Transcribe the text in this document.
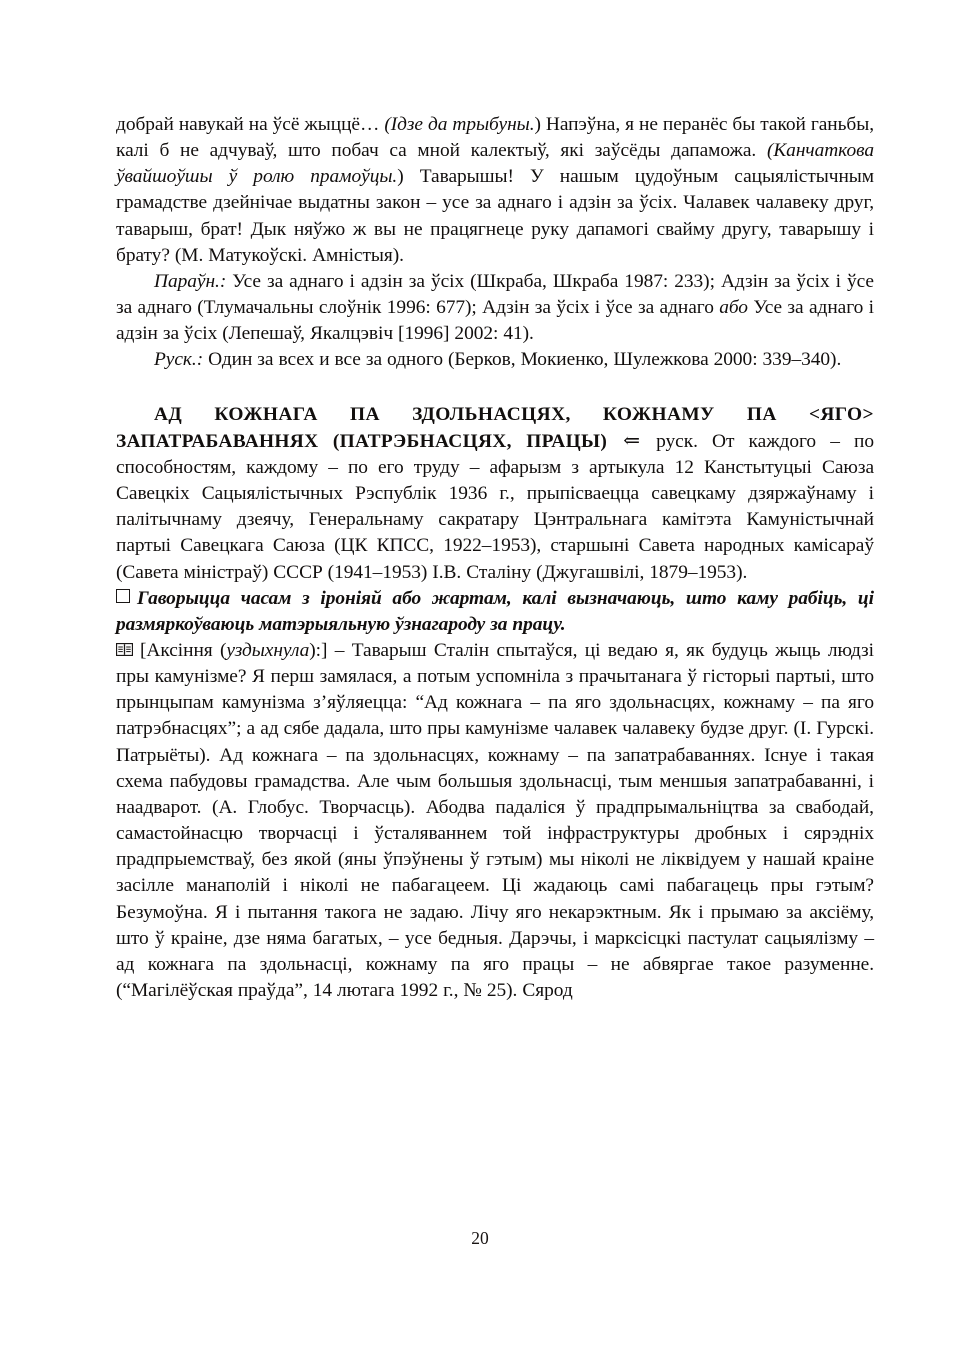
добрай навукай на ўсё жыццё… (Ідзе да трыбуны.) Напэўна, я не перанёс бы такой ганьбы, калі б не адчуваў, што побач са мной калектыў, які заўсёды дапаможа. (Канчаткова ўвайшоўшы ў ролю прамоўцы.) Таварышы! У нашым цудоўным сацыялістычным грамадстве дзейнічае выдатны закон – усе за аднаго і адзін за ўсіх. Чалавек чалавеку друг, таварыш, брат! Дык няўжо ж вы не працягнеце руку дапамогі свайму другу, таварышу і брату? (М. Матукоўскі. Амністыя).

Параўн.: Усе за аднаго і адзін за ўсіх (Шкраба, Шкраба 1987: 233); Адзін за ўсіх і ўсе за аднаго (Тлумачальны слоўнік 1996: 677); Адзін за ўсіх і ўсе за аднаго або Усе за аднаго і адзін за ўсіх (Лепешаў, Якалцэвіч [1996] 2002: 41).

Руск.: Один за всех и все за одного (Берков, Мокиенко, Шулежкова 2000: 339–340).

АД КОЖНАГА ПА ЗДОЛЬНАСЦЯХ, КОЖНАМУ ПА <ЯГО>
ЗАПАТРАБАВАННЯХ (ПАТРЭБНАСЦЯХ, ПРАЦЫ) ⇐ руск. От каждого – по способностям, каждому – по его труду – афарызм з артыкула 12 Канстытуцыі Саюза Савецкіх Сацыялістычных Рэспублік 1936 г., прыпісваецца савецкаму дзяржаўнаму і палітычнаму дзеячу, Генеральнаму сакратару Цэнтральнага камітэта Камуністычнай партыі Савецкага Саюза (ЦК КПСС, 1922–1953), старшыні Савета народных камісараў (Савета міністраў) СССР (1941–1953) І.В. Сталіну (Джугашвілі, 1879–1953).

Гаворыцца часам з іроніяй або жартам, калі вызначаюць, што каму рабіць, ці размяркоўваюць матэрыяльную ўзнагароду за працу.

[Аксіння (уздыхнула):] – Таварыш Сталін спытаўся, ці ведаю я, як будуць жыць людзі пры камунізме? Я перш замялася, а потым успомніла з прачытанага ў гісторыі партыі, што прынцыпам камунізма з’яўляецца: “Ад кожнага – па яго здольнасцях, кожнаму – па яго патрэбнасцях”; а ад сябе дадала, што пры камунізме чалавек чалавеку будзе друг. (І. Гурскі. Патрыёты). Ад кожнага – па здольнасцях, кожнаму – па запатрабаваннях. Існуе і такая схема пабудовы грамадства. Але чым большыя здольнасці, тым меншыя запатрабаванні, і наадварот. (А. Глобус. Творчасць). Абодва падаліся ў прадпрымальніцтва за свабодай, самастойнасцю творчасці і ўсталяваннем той інфраструктуры дробных і сярэдніх прадпрыемстваў, без якой (яны ўпэўнены ў гэтым) мы ніколі не ліквідуем у нашай краіне засілле манаполій і ніколі не пабагацеем. Ці жадаюць самі пабагацець пры гэтым? Безумоўна. Я і пытання такога не задаю. Лічу яго некарэктным. Як і прымаю за аксіёму, што ў краіне, дзе няма багатых, – усе бедныя. Дарэчы, і марксісцкі пастулат сацыялізму – ад кожнага па здольнасці, кожнаму па яго працы – не абвяргае такое разуменне. (“Магілёўская праўда”, 14 лютага 1992 г., № 25). Сярод

20
